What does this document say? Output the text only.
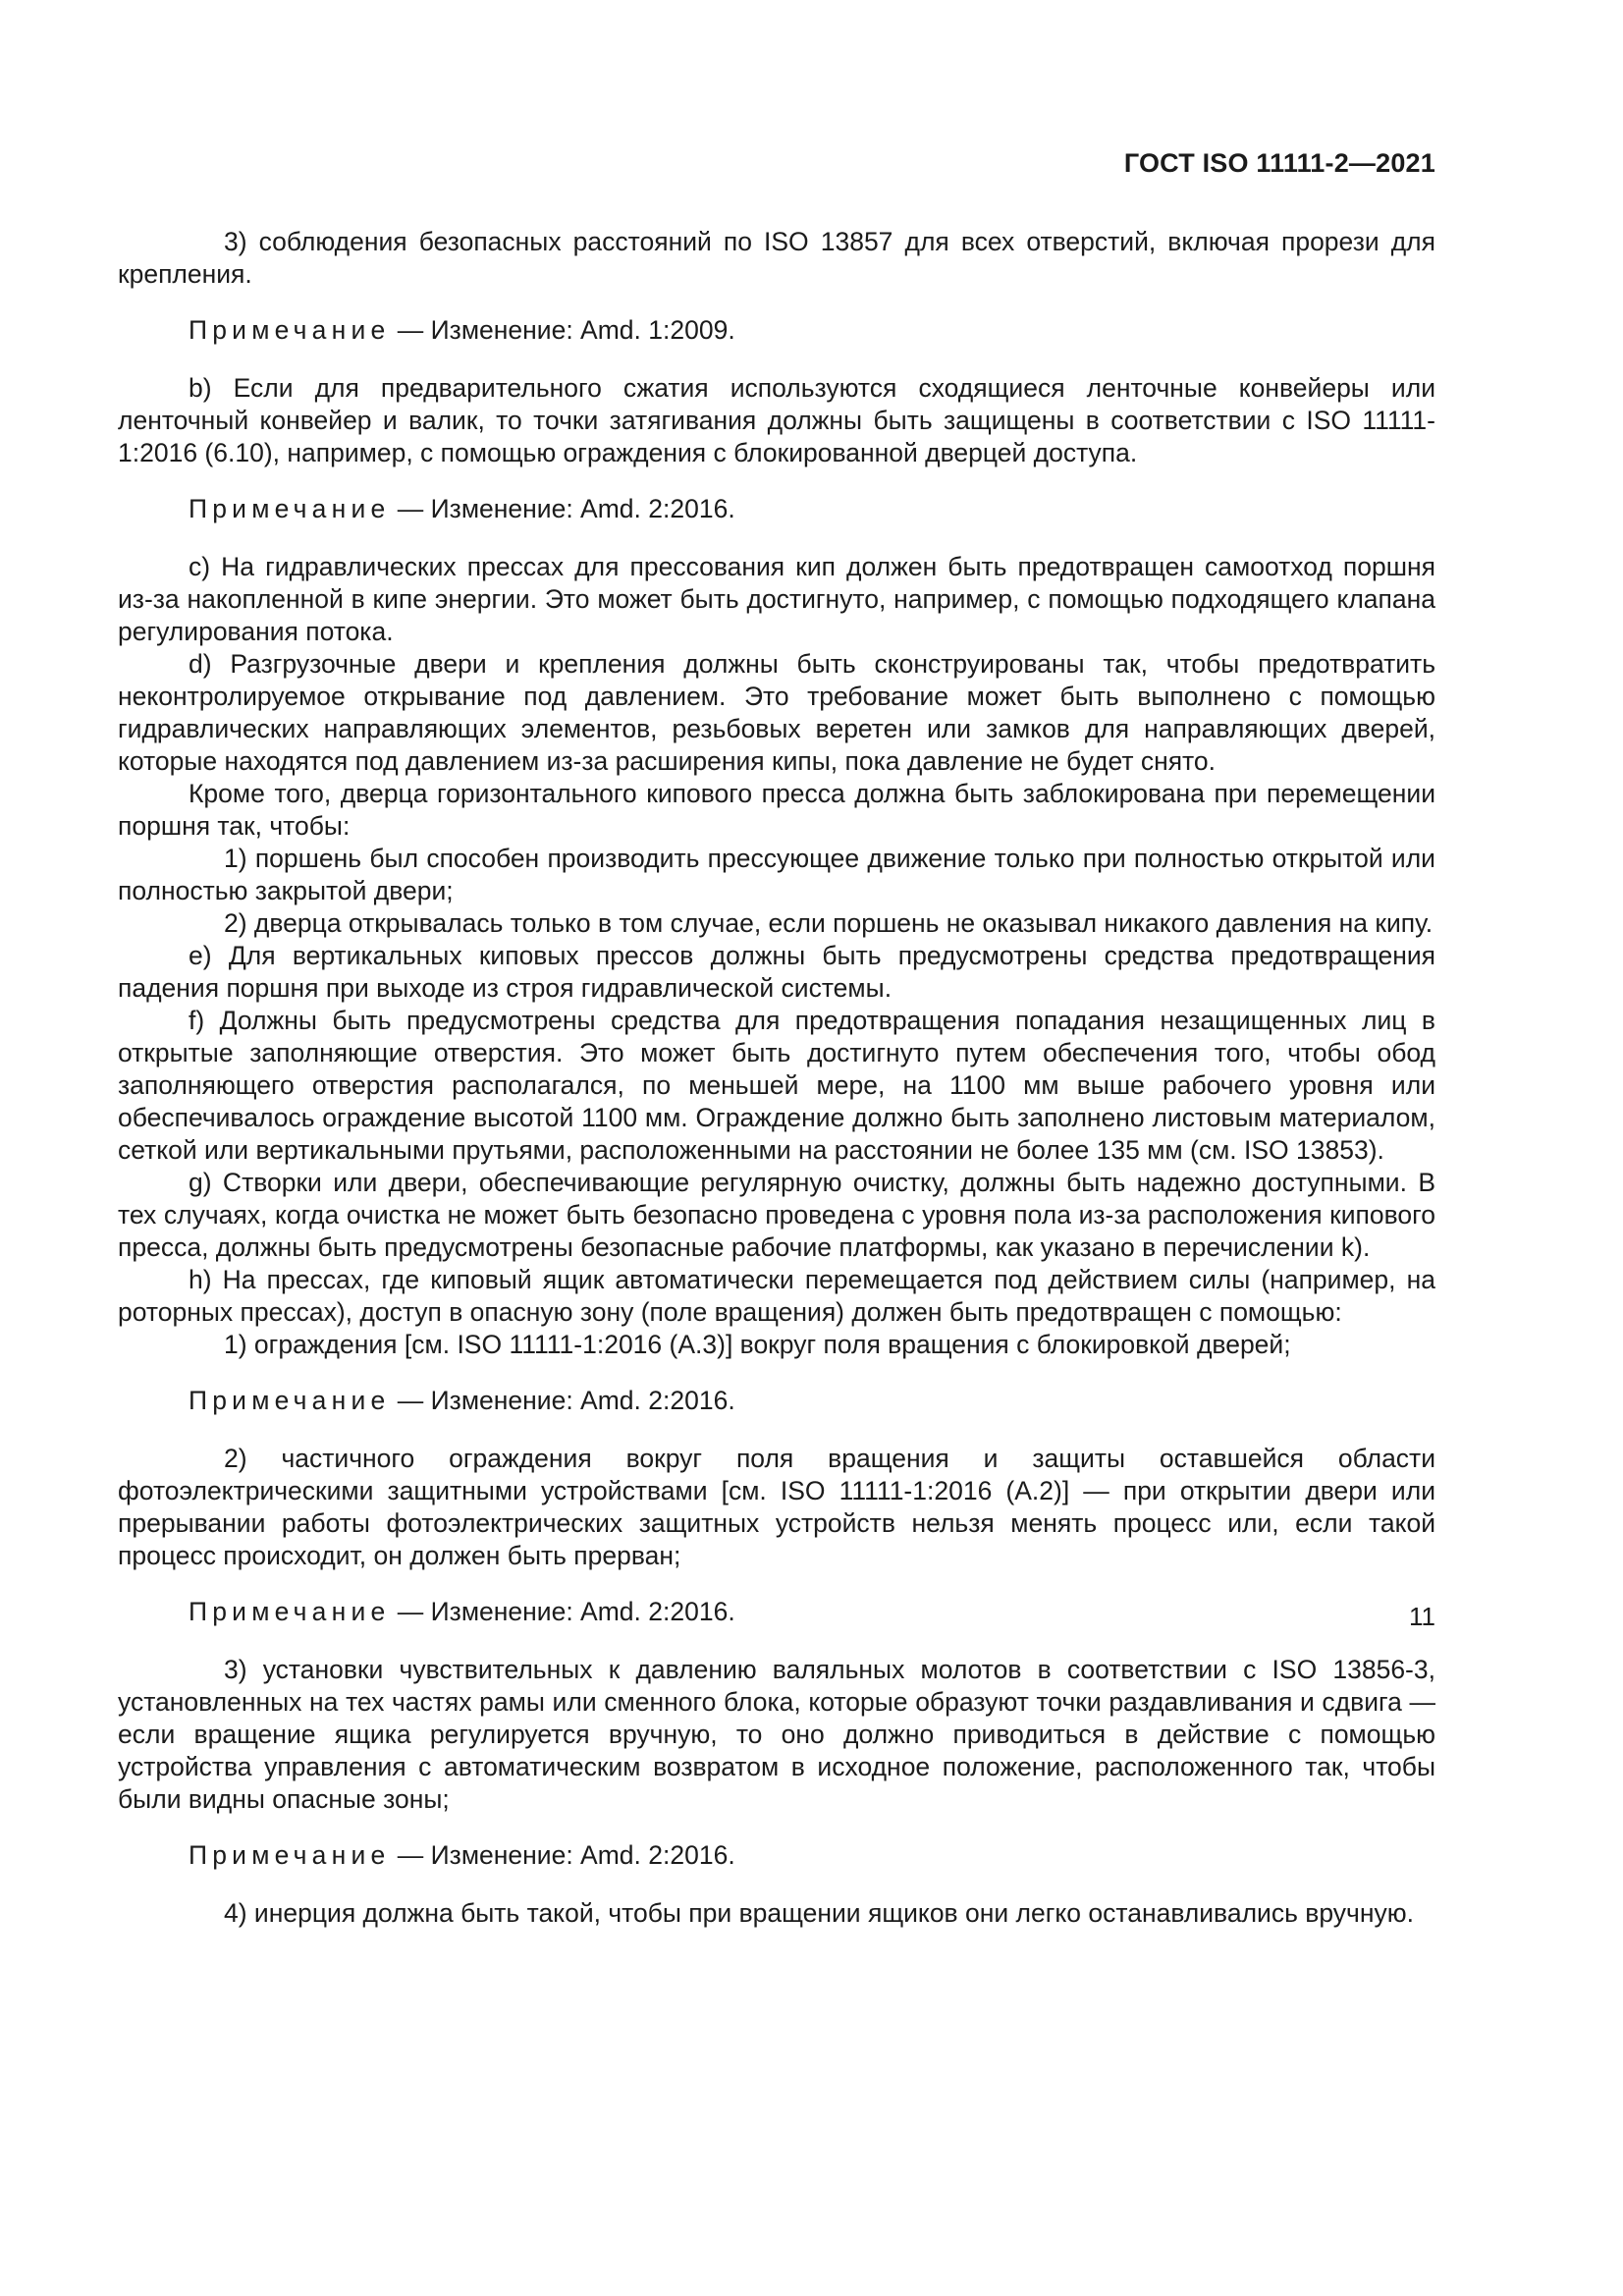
ГОСТ ISO 11111-2—2021

3) соблюдения безопасных расстояний по ISO 13857 для всех отверстий, включая прорези для крепления.

Примечание — Изменение: Amd. 1:2009.

b) Если для предварительного сжатия используются сходящиеся ленточные конвейеры или ленточный конвейер и валик, то точки затягивания должны быть защищены в соответствии с ISO 11111-1:2016 (6.10), например, с помощью ограждения с блокированной дверцей доступа.

Примечание — Изменение: Amd. 2:2016.

c) На гидравлических прессах для прессования кип должен быть предотвращен самоотход поршня из-за накопленной в кипе энергии. Это может быть достигнуто, например, с помощью подходящего клапана регулирования потока.

d) Разгрузочные двери и крепления должны быть сконструированы так, чтобы предотвратить неконтролируемое открывание под давлением. Это требование может быть выполнено с помощью гидравлических направляющих элементов, резьбовых веретен или замков для направляющих дверей, которые находятся под давлением из-за расширения кипы, пока давление не будет снято.

Кроме того, дверца горизонтального кипового пресса должна быть заблокирована при перемещении поршня так, чтобы:

1) поршень был способен производить прессующее движение только при полностью открытой или полностью закрытой двери;

2) дверца открывалась только в том случае, если поршень не оказывал никакого давления на кипу.

e) Для вертикальных киповых прессов должны быть предусмотрены средства предотвращения падения поршня при выходе из строя гидравлической системы.

f) Должны быть предусмотрены средства для предотвращения попадания незащищенных лиц в открытые заполняющие отверстия. Это может быть достигнуто путем обеспечения того, чтобы обод заполняющего отверстия располагался, по меньшей мере, на 1100 мм выше рабочего уровня или обеспечивалось ограждение высотой 1100 мм. Ограждение должно быть заполнено листовым материалом, сеткой или вертикальными прутьями, расположенными на расстоянии не более 135 мм (см. ISO 13853).

g) Створки или двери, обеспечивающие регулярную очистку, должны быть надежно доступными. В тех случаях, когда очистка не может быть безопасно проведена с уровня пола из-за расположения кипового пресса, должны быть предусмотрены безопасные рабочие платформы, как указано в перечислении k).

h) На прессах, где киповый ящик автоматически перемещается под действием силы (например, на роторных прессах), доступ в опасную зону (поле вращения) должен быть предотвращен с помощью:

1) ограждения [см. ISO 11111-1:2016 (А.3)] вокруг поля вращения с блокировкой дверей;

Примечание — Изменение: Amd. 2:2016.

2) частичного ограждения вокруг поля вращения и защиты оставшейся области фотоэлектрическими защитными устройствами [см. ISO 11111-1:2016 (А.2)] — при открытии двери или прерывании работы фотоэлектрических защитных устройств нельзя менять процесс или, если такой процесс происходит, он должен быть прерван;

Примечание — Изменение: Amd. 2:2016.

3) установки чувствительных к давлению валяльных молотов в соответствии с ISO 13856-3, установленных на тех частях рамы или сменного блока, которые образуют точки раздавливания и сдвига — если вращение ящика регулируется вручную, то оно должно приводиться в действие с помощью устройства управления с автоматическим возвратом в исходное положение, расположенного так, чтобы были видны опасные зоны;

Примечание — Изменение: Amd. 2:2016.

4) инерция должна быть такой, чтобы при вращении ящиков они легко останавливались вручную.

11
